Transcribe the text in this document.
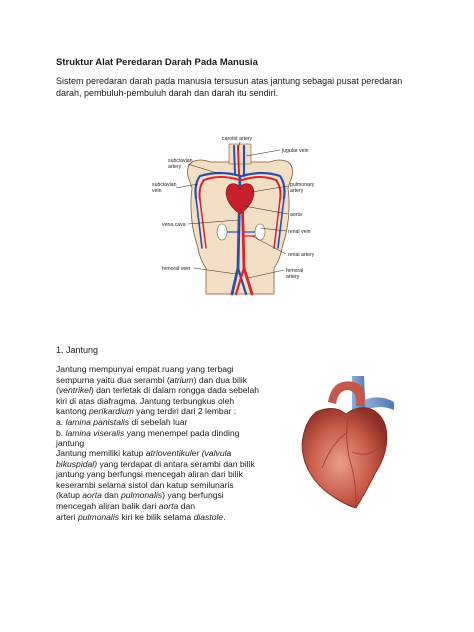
Struktur Alat Peredaran Darah Pada Manusia
Sistem peredaran darah pada manusia tersusun atas jantung sebagai pusat peredaran
darah, pembuluh-pembuluh darah dan darah itu sendiri.
carotid artery
jugular vein
subclavian
artery
subclavian
vein
pulmonary
artery
aorta
vena cava
renal vein
renal artery
femoral vein	femoral
artery
1. Jantung
Jantung mempunyai empat ruang yang terbagi
sempurna yaitu dua serambi (atrium) dan dua bilik
(ventrikel) dan terletak di dalam rongga dada sebelah
kiri di atas diafragma. Jantung terbungkus oleh
kantong perikardium yang terdiri dari 2 lembar :
a. lamina panistalis di sebelah luar
b. lamina viseralis yang menempel pada dinding
jantung
Jantung memiliki katup atrioventikuler (valvula
bikuspidal) yang terdapat di antara serambi dan bilik
jantung yang berfungsi mencegah aliran dari bilik
keserambi selama sistol dan katup semilunaris
(katup aorta dan pulmonalis) yang berfungsi
mencegah aliran balik dari aorta dan
arteri pulmonalis kiri ke bilik selama diastole.
